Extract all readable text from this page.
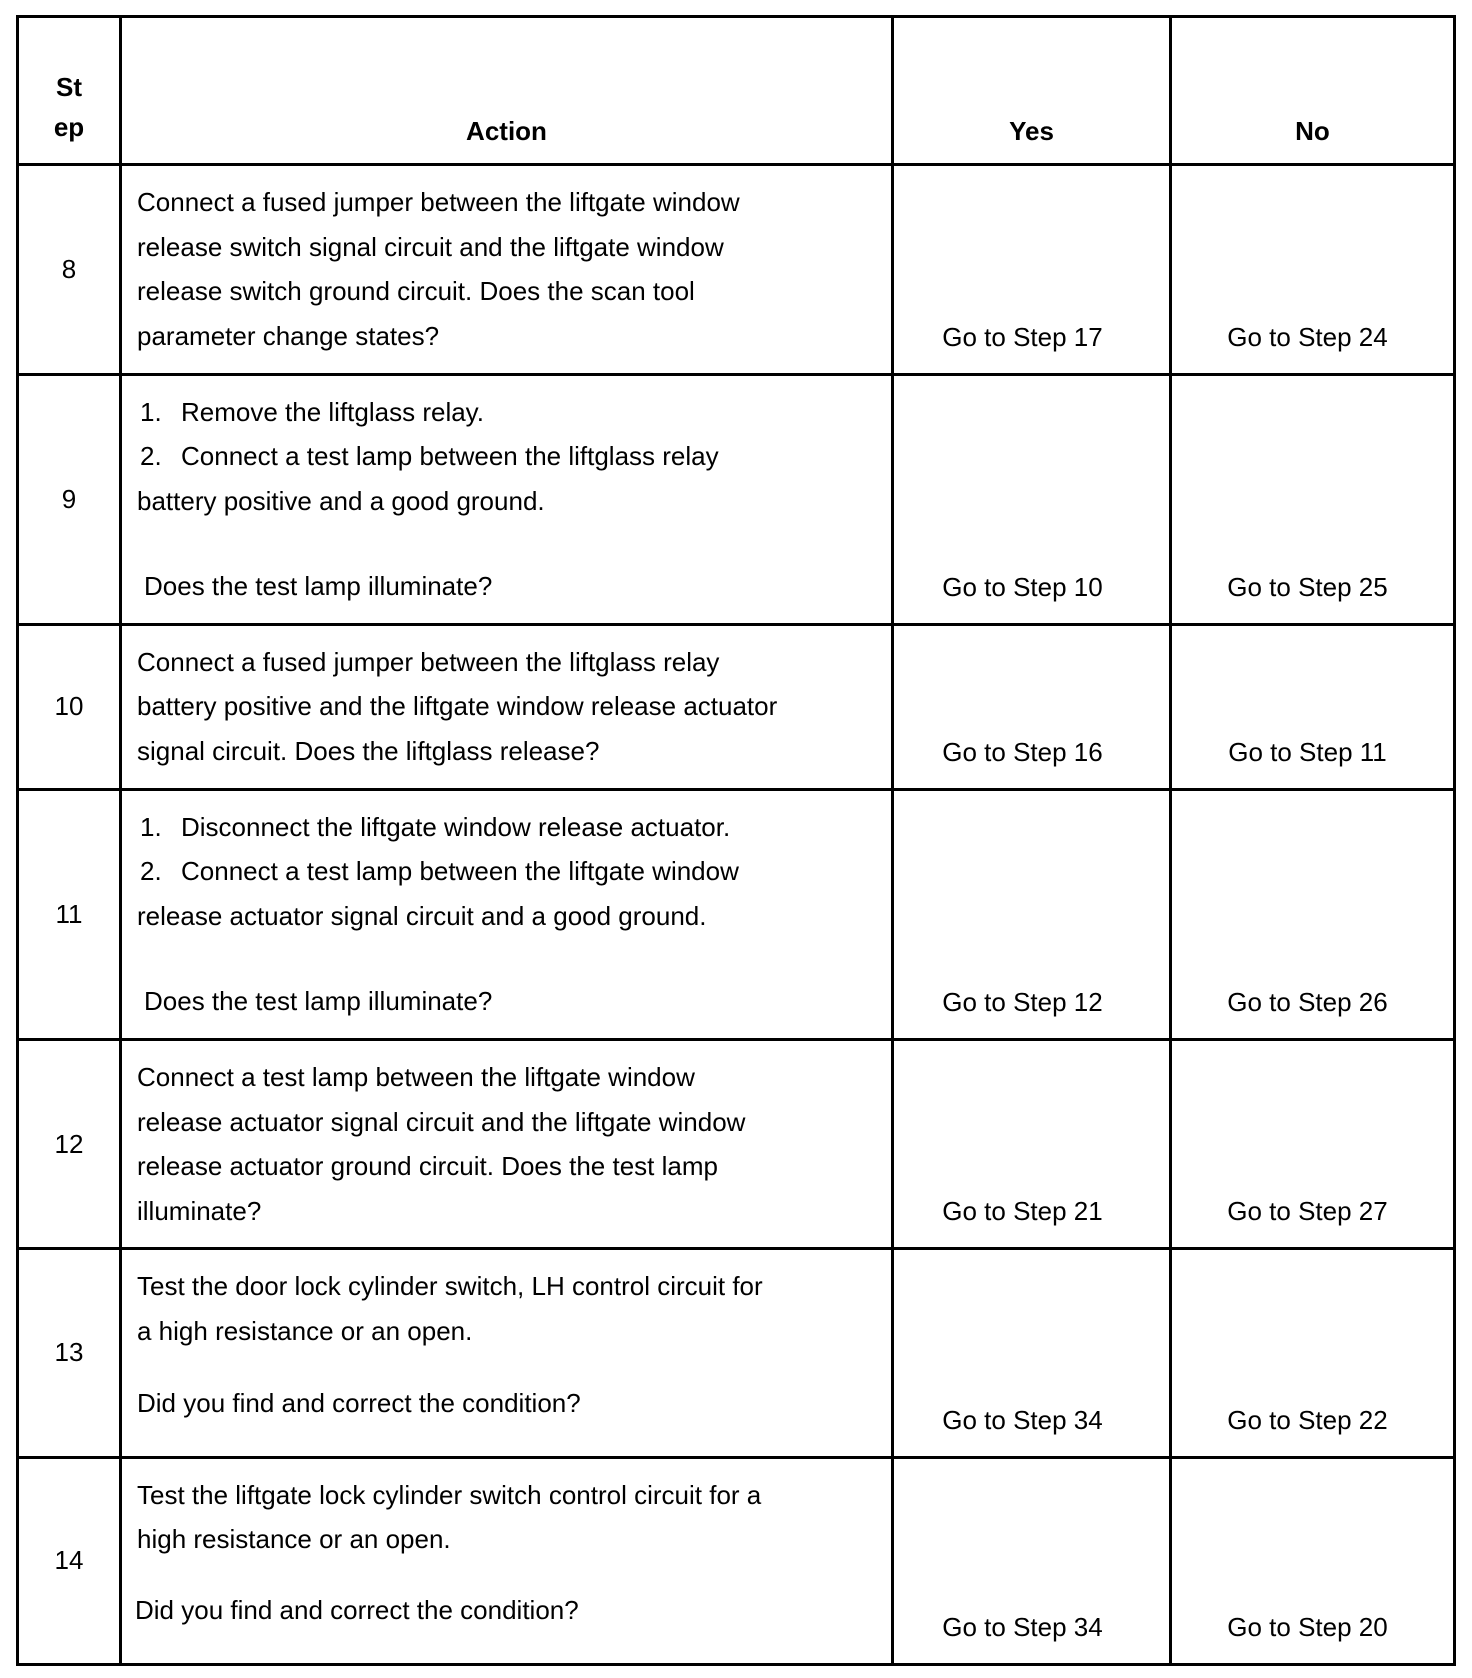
St
ep	Action	Yes	No
8	Connect a fused jumper between the liftgate window
release switch signal circuit and the liftgate window
release switch ground circuit. Does the scan tool
parameter change states?	Go to Step 17	Go to Step 24
9	1. Remove the liftglass relay.
2. Connect a test lamp between the liftglass relay
battery positive and a good ground.
Does the test lamp illuminate?	Go to Step 10	Go to Step 25
10	Connect a fused jumper between the liftglass relay
battery positive and the liftgate window release actuator
signal circuit. Does the liftglass release?	Go to Step 16	Go to Step 11
11	1. Disconnect the liftgate window release actuator.
2. Connect a test lamp between the liftgate window
release actuator signal circuit and a good ground.
Does the test lamp illuminate?	Go to Step 12	Go to Step 26
12	Connect a test lamp between the liftgate window
release actuator signal circuit and the liftgate window
release actuator ground circuit. Does the test lamp
illuminate?	Go to Step 21	Go to Step 27
13	Test the door lock cylinder switch, LH control circuit for
a high resistance or an open.
Did you find and correct the condition?	Go to Step 34	Go to Step 22
14	Test the liftgate lock cylinder switch control circuit for a
high resistance or an open.
Did you find and correct the condition?	Go to Step 34	Go to Step 20
